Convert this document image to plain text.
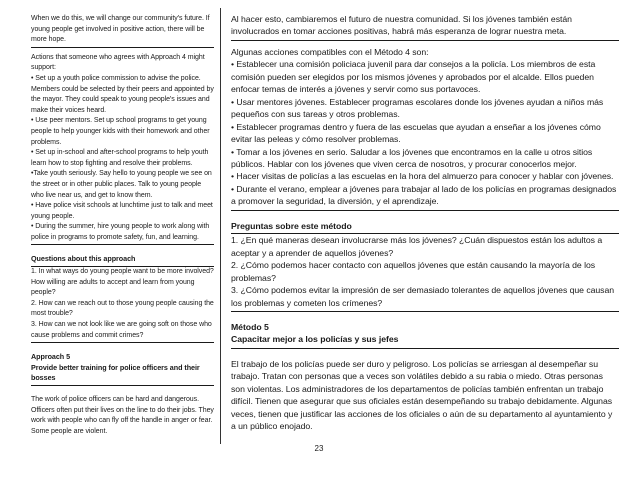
When we do this, we will change our community's future. If young people get involved in positive action, there will be more hope.

Actions that someone who agrees with Approach 4 might support:

• Set up a youth police commission to advise the police. Members could be selected by their peers and appointed by the mayor. They could speak to young people's issues and make their voices heard.

• Use peer mentors. Set up school programs to get young people to help younger kids with their homework and other problems.

• Set up in-school and after-school programs to help youth learn how to stop fighting and resolve their problems.

•Take youth seriously. Say hello to young people we see on the street or in other public places. Talk to young people who live near us, and get to know them.

• Have police visit schools at lunchtime just to talk and meet young people.

• During the summer, hire young people to work along with police in programs to promote safety, fun, and learning.

Questions about this approach

1. In what ways do young people want to be more involved? How willing are adults to accept and learn from young people?

2. How can we reach out to those young people causing the most trouble?

3. How can we not look like we are going soft on those who cause problems and commit crimes?

Approach 5

Provide better training for police officers and their bosses

The work of police officers can be hard and dangerous. Officers often put their lives on the line to do their jobs. They work with people who can fly off the handle in anger or fear. Some people are violent.

Al hacer esto, cambiaremos el futuro de nuestra comunidad. Si los jóvenes también están involucrados en tomar acciones positivas, habrá más esperanza de lograr nuestra meta.

Algunas acciones compatibles con el Método 4 son:

• Establecer una comisión policiaca juvenil para dar consejos a la policía. Los miembros de esta comisión pueden ser elegidos por los mismos jóvenes y aprobados por el alcalde. Ellos pueden enfocar temas de interés a jóvenes y servir como sus portavoces.

• Usar mentores jóvenes. Establecer programas escolares donde los jóvenes ayudan a niños más pequeños con sus tareas y otros problemas.

• Establecer programas dentro y fuera de las escuelas que ayudan a enseñar a los jóvenes cómo evitar las peleas y cómo resolver problemas.

• Tomar a los jóvenes en serio. Saludar a los jóvenes que encontramos en la calle u otros sitios públicos. Hablar con los jóvenes que viven cerca de nosotros, y procurar conocerlos mejor.

• Hacer visitas de policías a las escuelas en la hora del almuerzo para conocer y hablar con jóvenes.

• Durante el verano, emplear a jóvenes para trabajar al lado de los policías en programas designados a promover la seguridad, la diversión, y el aprendizaje.

Preguntas sobre este método

1. ¿En qué maneras desean involucrarse más los jóvenes? ¿Cuán dispuestos están los adultos a aceptar y a aprender de aquellos jóvenes?

2. ¿Cómo podemos hacer contacto con aquellos jóvenes que están causando la mayoría de los problemas?

3. ¿Cómo podemos evitar la impresión de ser demasiado tolerantes de aquellos jóvenes que causan los problemas y cometen los crímenes?

Método 5

Capacitar mejor a los policías y sus jefes

El trabajo de los policías puede ser duro y peligroso. Los policías se arriesgan al desempeñar su trabajo. Tratan con personas que a veces son volátiles debido a su rabia o miedo. Otras personas son violentas. Los administradores de los departamentos de policías también enfrentan un trabajo difícil. Tienen que asegurar que sus oficiales están desempeñando su trabajo debidamente. Algunas veces, tienen que justificar las acciones de los oficiales o aún de su departamento al ayuntamiento y a un público enojado.

23
